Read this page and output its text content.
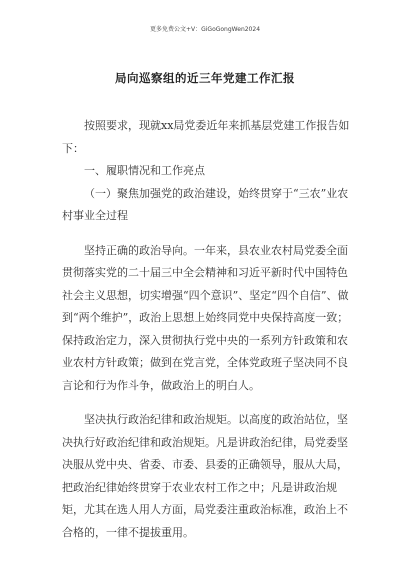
更多免费公文+V：GiGoGongWen2024
局向巡察组的近三年党建工作汇报

按照要求，现就xx局党委近年来抓基层党建工作报告如下：

一、履职情况和工作亮点

（一）聚焦加强党的政治建设，始终贯穿于“三农”业农村事业全过程

坚持正确的政治导向。一年来，县农业农村局党委全面贯彻落实党的二十届三中全会精神和习近平新时代中国特色社会主义思想，切实增强“四个意识”、坚定“四个自信”、做到“两个维护”，政治上思想上始终同党中央保持高度一致；保持政治定力，深入贯彻执行党中央的一系列方针政策和农业农村方针政策；做到在党言党，全体党政班子坚决同不良言论和行为作斗争，做政治上的明白人。

坚决执行政治纪律和政治规矩。以高度的政治站位，坚决执行好政治纪律和政治规矩。凡是讲政治纪律，局党委坚决服从党中央、省委、市委、县委的正确领导，服从大局，把政治纪律始终贯穿于农业农村工作之中；凡是讲政治规矩，尤其在选人用人方面，局党委注重政治标准，政治上不合格的，一律不提拔重用。
